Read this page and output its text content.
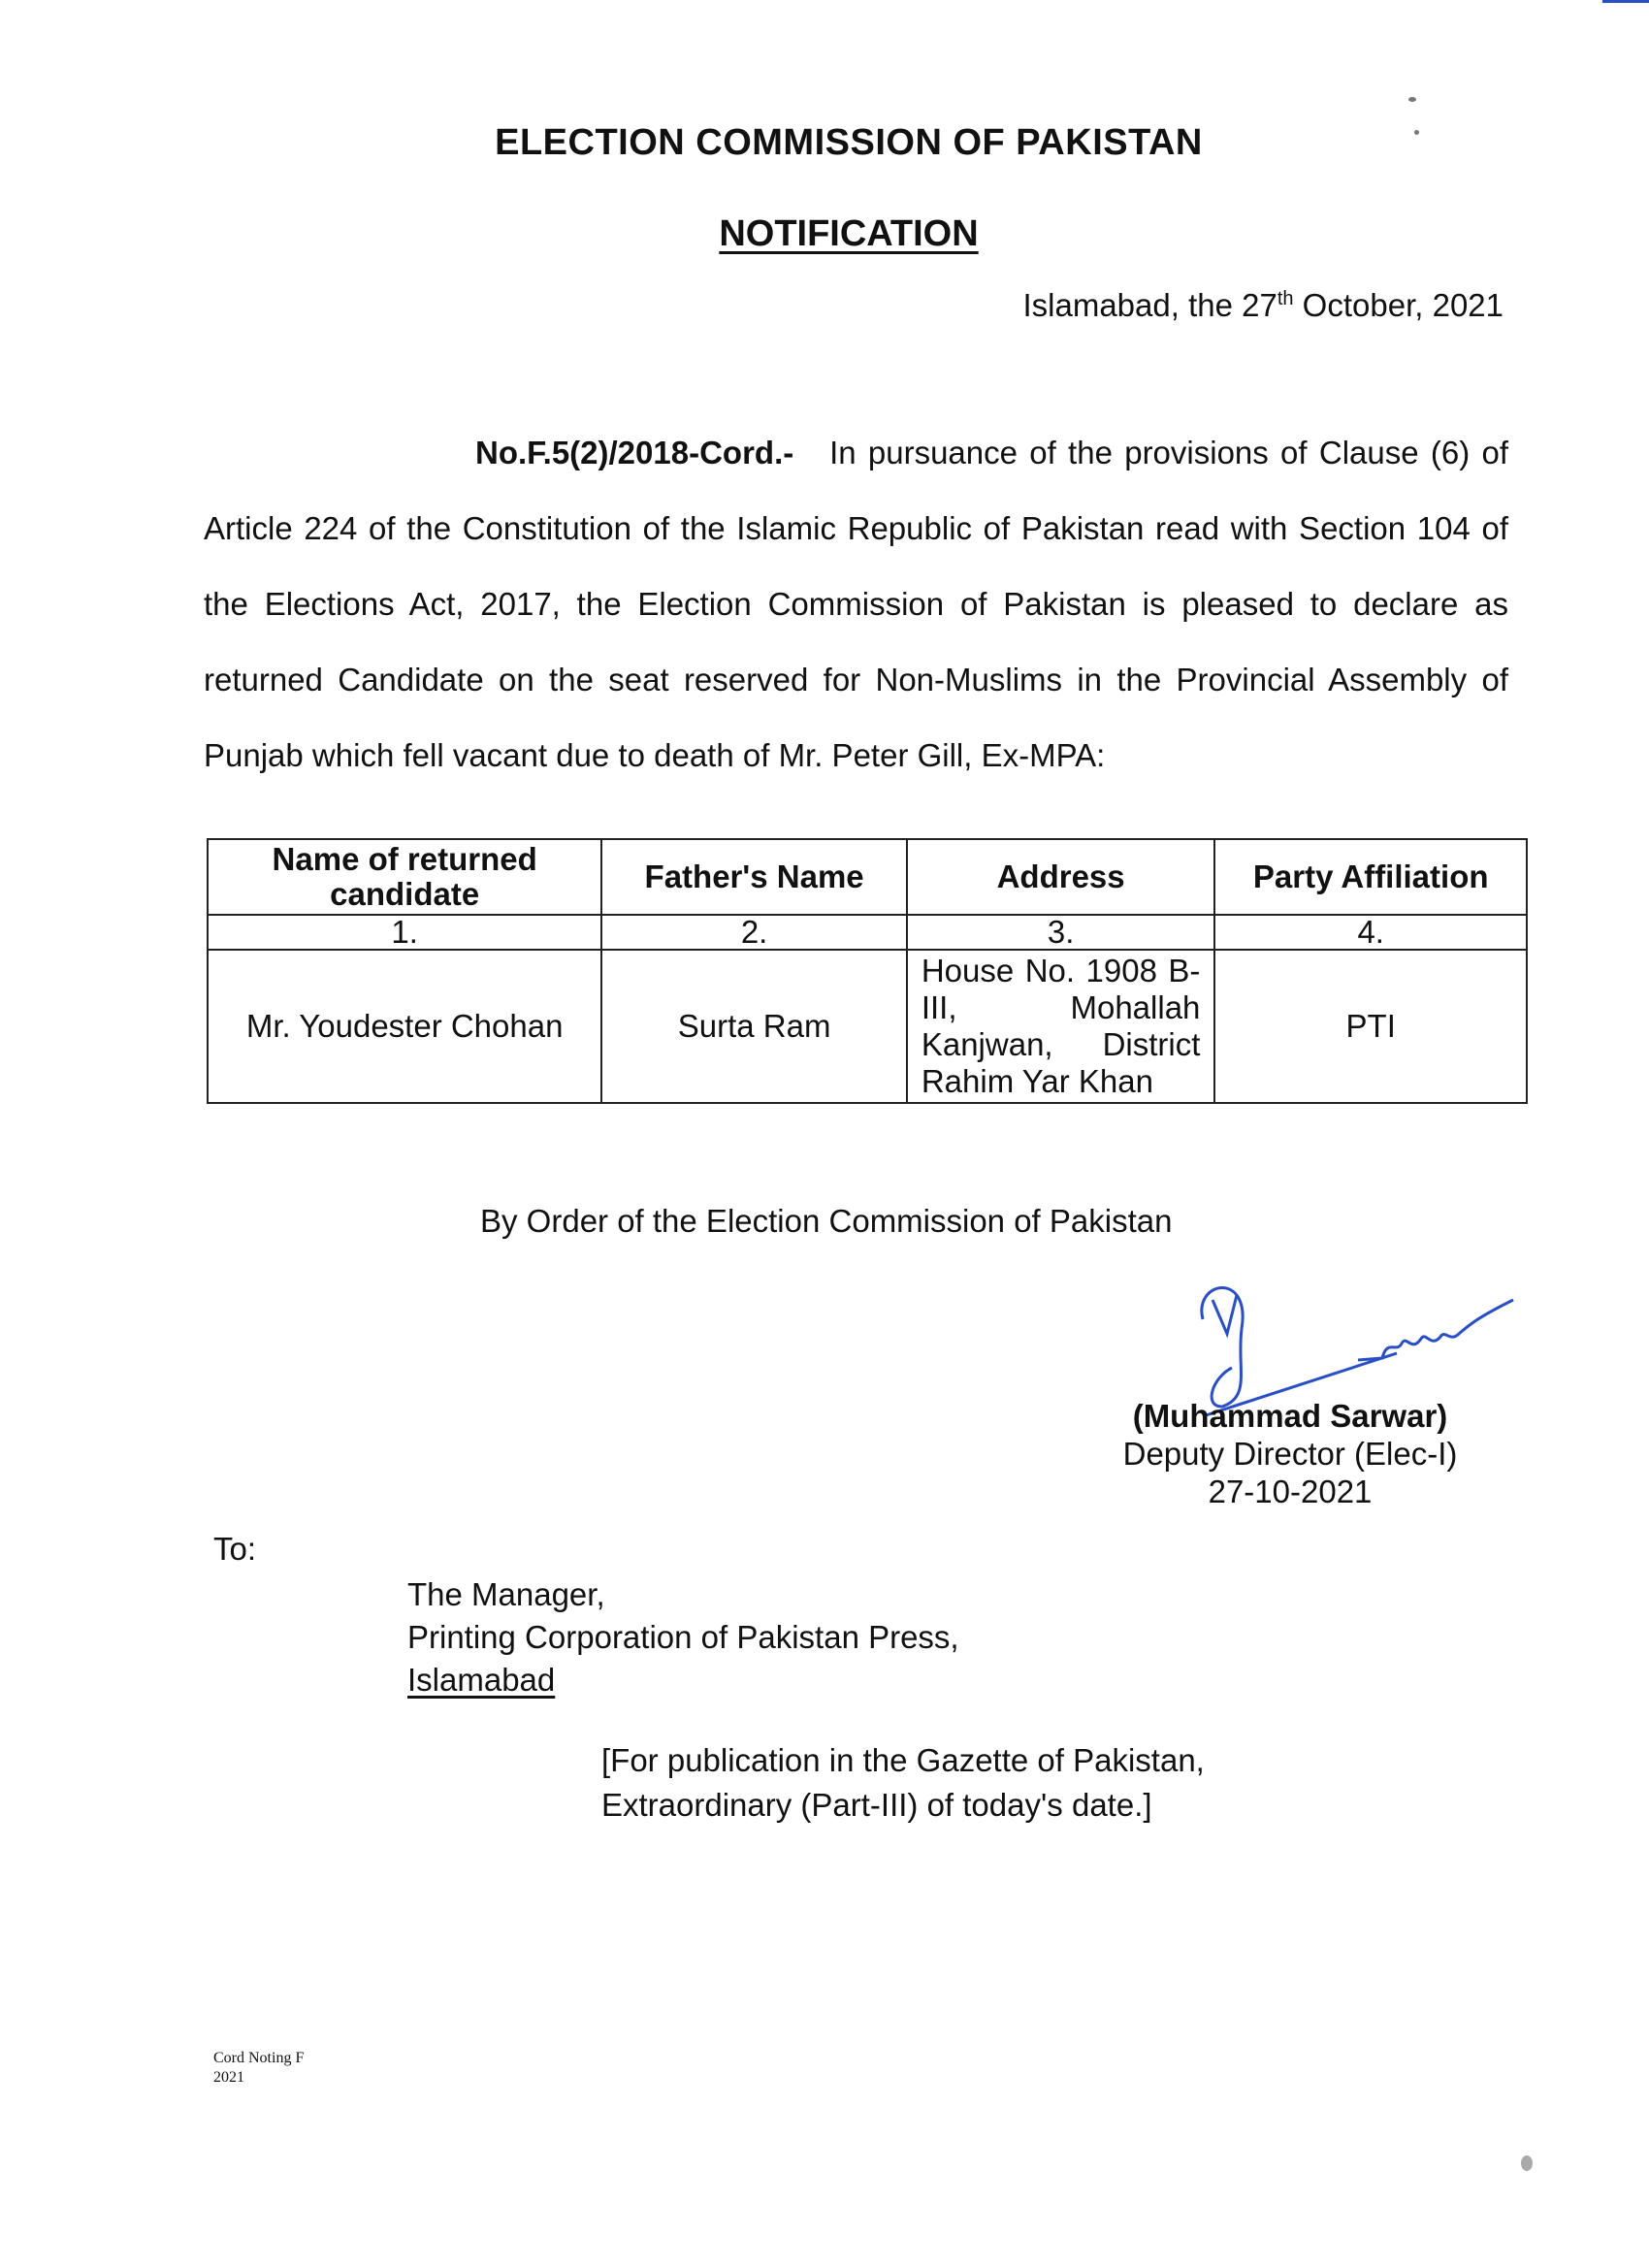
ELECTION COMMISSION OF PAKISTAN
NOTIFICATION
Islamabad, the 27th October, 2021
No.F.5(2)/2018-Cord.- In pursuance of the provisions of Clause (6) of
Article 224 of the Constitution of the Islamic Republic of Pakistan read with Section 104 of
the Elections Act, 2017, the Election Commission of Pakistan is pleased to declare as
returned Candidate on the seat reserved for Non-Muslims in the Provincial Assembly of
Punjab which fell vacant due to death of Mr. Peter Gill, Ex-MPA:
Name of returned candidate	Father's Name	Address	Party Affiliation
1.	2.	3.	4.
Mr. Youdester Chohan	Surta Ram	House No. 1908 B-III, Mohallah Kanjwan, District Rahim Yar Khan	PTI
By Order of the Election Commission of Pakistan
(Muhammad Sarwar)
Deputy Director (Elec-I)
27-10-2021
To:
The Manager,
Printing Corporation of Pakistan Press,
Islamabad
[For publication in the Gazette of Pakistan,
Extraordinary (Part-III) of today's date.]
Cord Noting F
2021
